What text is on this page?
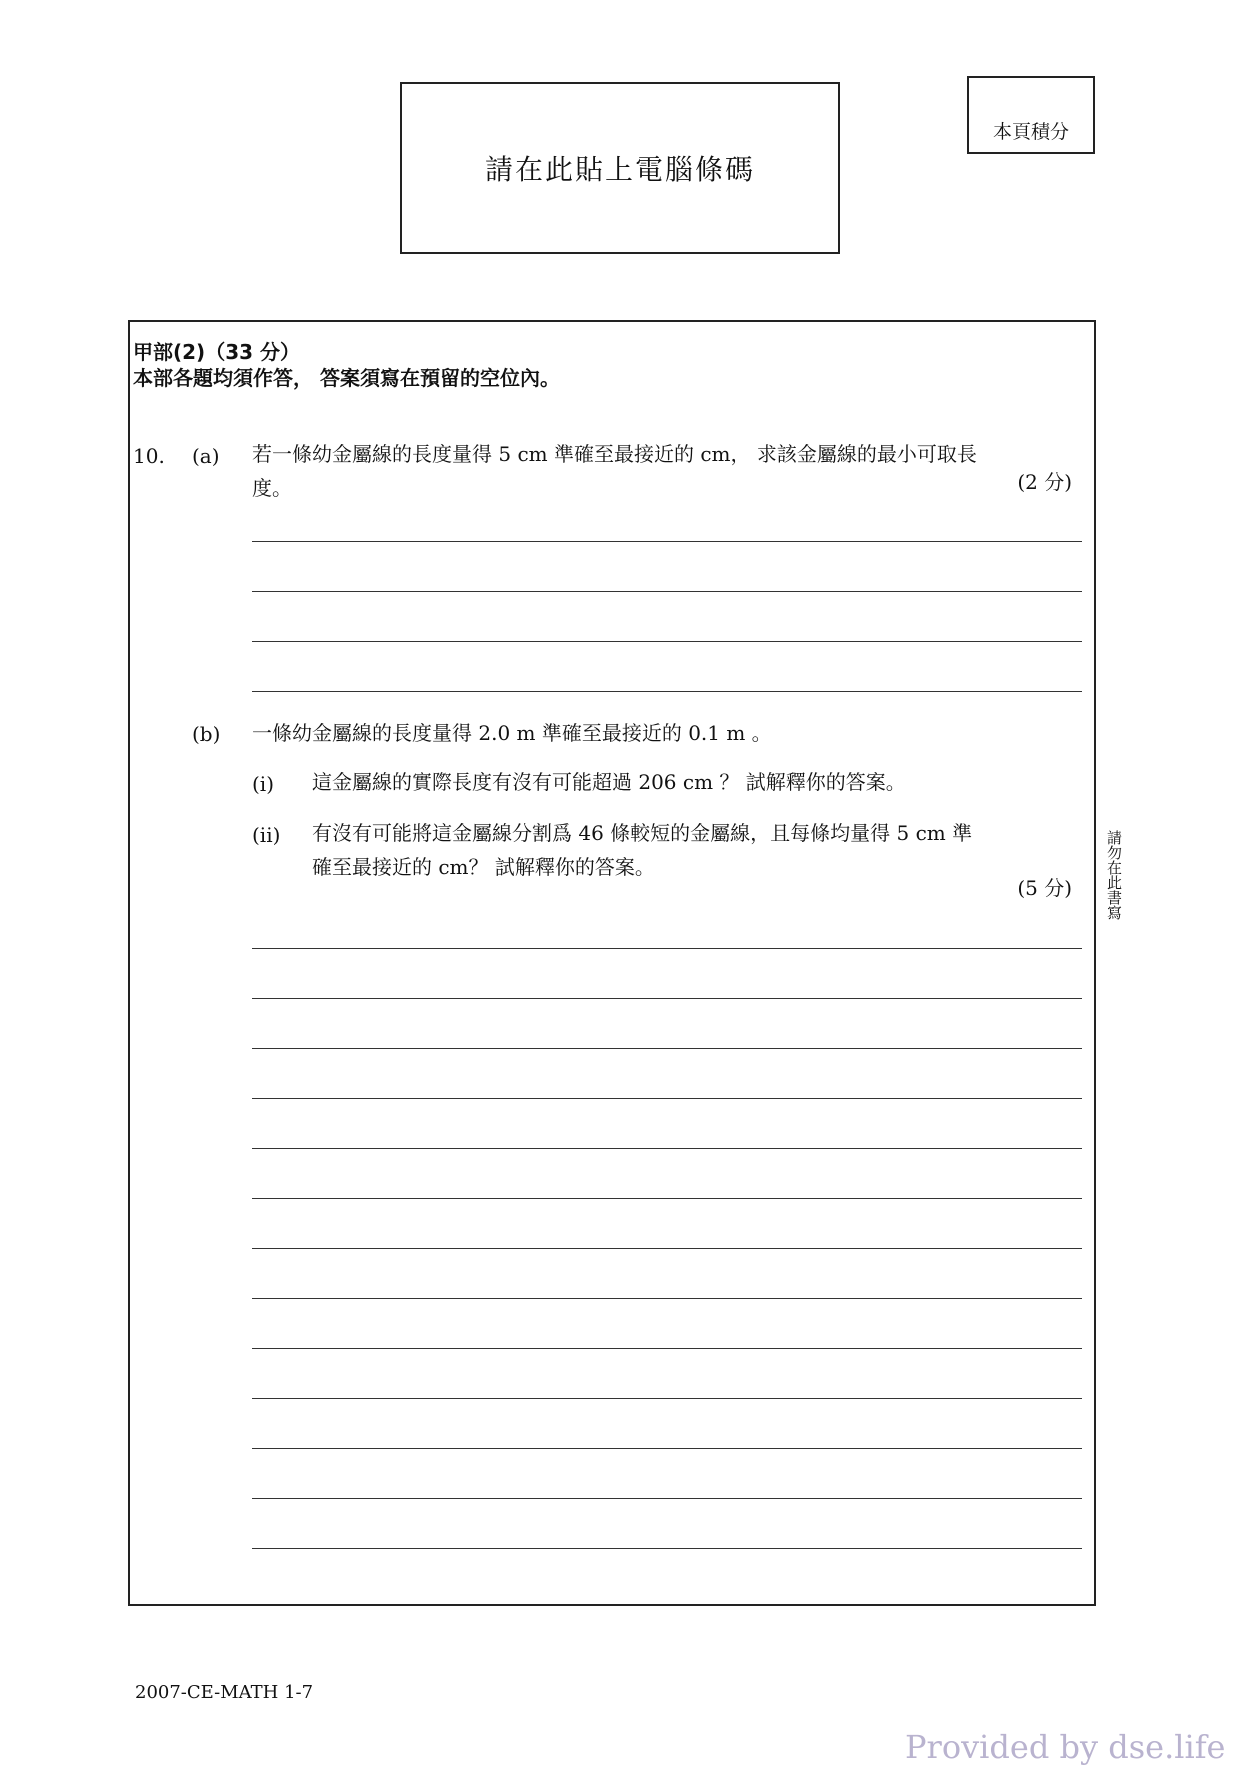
請在此貼上電腦條碼
本頁積分
甲部(2)（33 分）
本部各題均須作答， 答案須寫在預留的空位內。
10. (a) 若一條幼金屬線的長度量得 5 cm 準確至最接近的 cm， 求該金屬線的最小可取長
度。	(2 分)
(b) 一條幼金屬線的長度量得 2.0 m 準確至最接近的 0.1 m 。
(i) 這金屬線的實際長度有沒有可能超過 206 cm ？ 試解釋你的答案。
(ii) 有沒有可能將這金屬線分割爲 46 條較短的金屬線，且每條均量得 5 cm 準
確至最接近的 cm？ 試解釋你的答案。
(5 分) 請勿在此書寫
2007-CE-MATH 1-7
Provided by dse.life
